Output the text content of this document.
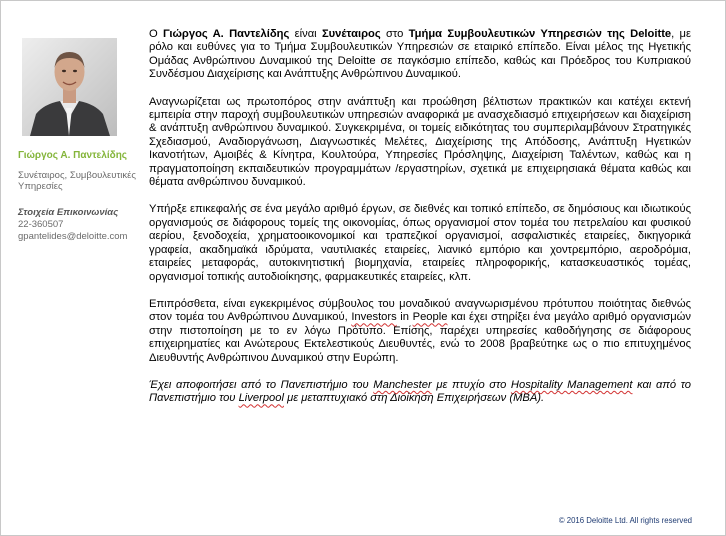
Γιώργος Α. Παντελίδης
Συνέταιρος, Συμβουλευτικές Υπηρεσίες
Στοιχεία Επικοινωνίας
22-360507
gpantelides@deloitte.com

Ο Γιώργος Α. Παντελίδης είναι Συνέταιρος στο Τμήμα Συμβουλευτικών Υπηρεσιών της Deloitte, με ρόλο και ευθύνες για το Τμήμα Συμβουλευτικών Υπηρεσιών σε εταιρικό επίπεδο. Είναι μέλος της Ηγετικής Ομάδας Ανθρώπινου Δυναμικού της Deloitte σε παγκόσμιο επίπεδο, καθώς και Πρόεδρος του Κυπριακού Συνδέσμου Διαχείρισης και Ανάπτυξης Ανθρώπινου Δυναμικού.

Αναγνωρίζεται ως πρωτοπόρος στην ανάπτυξη και προώθηση βέλτιστων πρακτικών και κατέχει εκτενή εμπειρία στην παροχή συμβουλευτικών υπηρεσιών αναφορικά με ανασχεδιασμό επιχειρήσεων και διαχείριση & ανάπτυξη ανθρώπινου δυναμικού. Συγκεκριμένα, οι τομείς ειδικότητας του συμπεριλαμβάνουν Στρατηγικές Σχεδιασμού, Αναδιοργάνωση, Διαγνωστικές Μελέτες, Διαχείρισης της Απόδοσης, Ανάπτυξη Ηγετικών Ικανοτήτων, Αμοιβές & Κίνητρα, Κουλτούρα, Υπηρεσίες Πρόσληψης, Διαχείριση Ταλέντων, καθώς και η πραγματοποίηση εκπαιδευτικών προγραμμάτων /εργαστηρίων, σχετικά με επιχειρησιακά θέματα καθώς και θέματα ανθρώπινου δυναμικού.

Υπήρξε επικεφαλής σε ένα μεγάλο αριθμό έργων, σε διεθνές και τοπικό επίπεδο, σε δημόσιους και ιδιωτικούς οργανισμούς σε διάφορους τομείς της οικονομίας, όπως οργανισμοί στον τομέα του πετρελαίου και φυσικού αερίου, ξενοδοχεία, χρηματοοικονομικοί και τραπεζικοί οργανισμοί, ασφαλιστικές εταιρείες, δικηγορικά γραφεία, ακαδημαϊκά ιδρύματα, ναυτιλιακές εταιρείες, λιανικό εμπόριο και χοντρεμπόριο, αεροδρόμια, εταιρείες μεταφοράς, αυτοκινητιστική βιομηχανία, εταιρείες πληροφορικής, κατασκευαστικός τομέας, οργανισμοί τοπικής αυτοδιοίκησης, φαρμακευτικές εταιρείες, κλπ.

Επιπρόσθετα, είναι εγκεκριμένος σύμβουλος του μοναδικού αναγνωρισμένου πρότυπου ποιότητας διεθνώς στον τομέα του Ανθρώπινου Δυναμικού, Investors in People και έχει στηρίξει ένα μεγάλο αριθμό οργανισμών στην πιστοποίηση με το εν λόγω Πρότυπο. Επίσης, παρέχει υπηρεσίες καθοδήγησης σε διάφορους επιχειρηματίες και Ανώτερους Εκτελεστικούς Διευθυντές, ενώ το 2008 βραβεύτηκε ως ο πιο επιτυχημένος Διευθυντής Ανθρώπινου Δυναμικού στην Ευρώπη.

Έχει αποφοιτήσει από το Πανεπιστήμιο του Manchester με πτυχίο στο Hospitality Management και από το Πανεπιστήμιο του Liverpool με μεταπτυχιακό στη Διοίκηση Επιχειρήσεων (MBA).

© 2016 Deloitte Ltd. All rights reserved
